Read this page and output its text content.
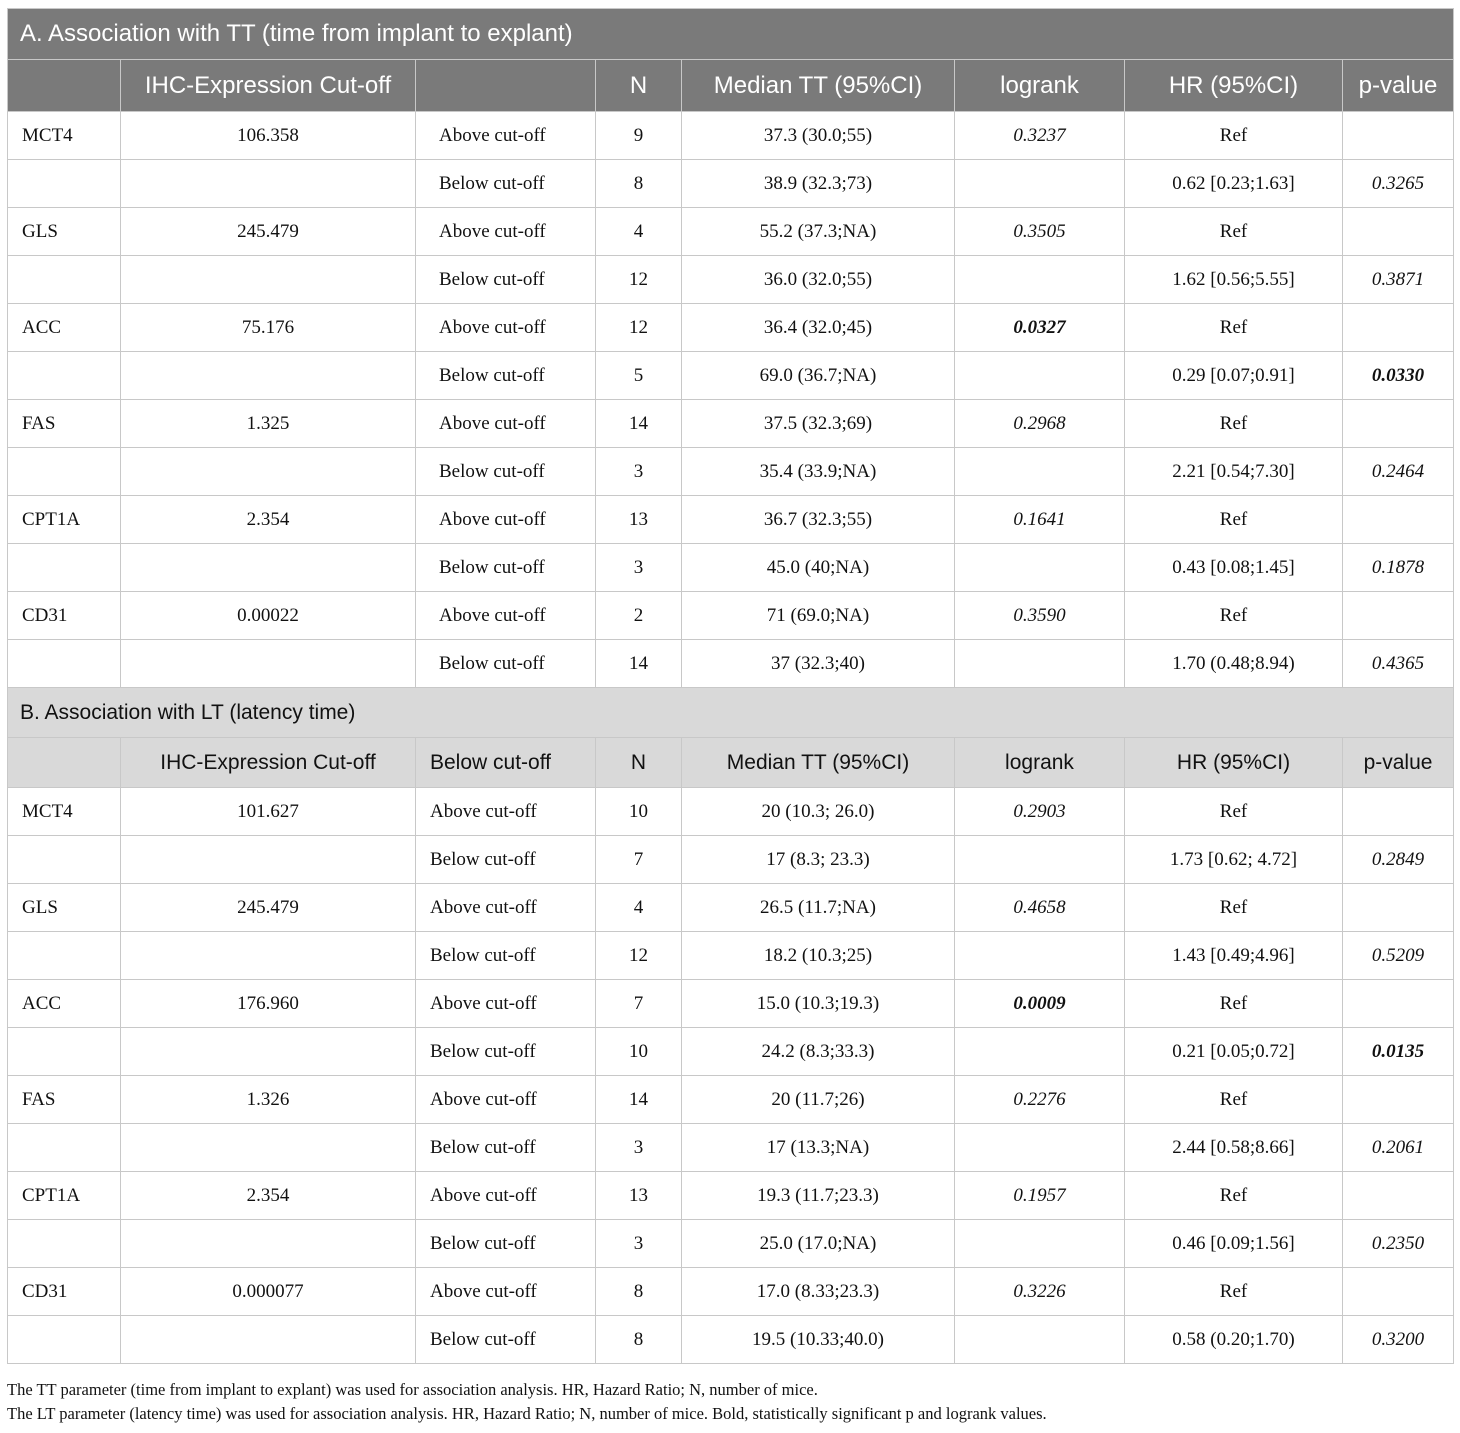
A. Association with TT (time from implant to explant)							
	IHC-Expression Cut-off		N	Median TT (95%CI)	logrank	HR (95%CI)	p-value
MCT4	106.358	Above cut-off	9	37.3 (30.0;55)	0.3237	Ref	
		Below cut-off	8	38.9 (32.3;73)		0.62 [0.23;1.63]	0.3265
GLS	245.479	Above cut-off	4	55.2 (37.3;NA)	0.3505	Ref	
		Below cut-off	12	36.0 (32.0;55)		1.62 [0.56;5.55]	0.3871
ACC	75.176	Above cut-off	12	36.4 (32.0;45)	0.0327	Ref	
		Below cut-off	5	69.0 (36.7;NA)		0.29 [0.07;0.91]	0.0330
FAS	1.325	Above cut-off	14	37.5 (32.3;69)	0.2968	Ref	
		Below cut-off	3	35.4 (33.9;NA)		2.21 [0.54;7.30]	0.2464
CPT1A	2.354	Above cut-off	13	36.7 (32.3;55)	0.1641	Ref	
		Below cut-off	3	45.0 (40;NA)		0.43 [0.08;1.45]	0.1878
CD31	0.00022	Above cut-off	2	71 (69.0;NA)	0.3590	Ref	
		Below cut-off	14	37 (32.3;40)		1.70 (0.48;8.94)	0.4365
B. Association with LT (latency time)							
	IHC-Expression Cut-off	Below cut-off	N	Median TT (95%CI)	logrank	HR (95%CI)	p-value
MCT4	101.627	Above cut-off	10	20 (10.3; 26.0)	0.2903	Ref	
		Below cut-off	7	17 (8.3; 23.3)		1.73 [0.62; 4.72]	0.2849
GLS	245.479	Above cut-off	4	26.5 (11.7;NA)	0.4658	Ref	
		Below cut-off	12	18.2 (10.3;25)		1.43 [0.49;4.96]	0.5209
ACC	176.960	Above cut-off	7	15.0 (10.3;19.3)	0.0009	Ref	
		Below cut-off	10	24.2 (8.3;33.3)		0.21 [0.05;0.72]	0.0135
FAS	1.326	Above cut-off	14	20 (11.7;26)	0.2276	Ref	
		Below cut-off	3	17 (13.3;NA)		2.44 [0.58;8.66]	0.2061
CPT1A	2.354	Above cut-off	13	19.3 (11.7;23.3)	0.1957	Ref	
		Below cut-off	3	25.0 (17.0;NA)		0.46 [0.09;1.56]	0.2350
CD31	0.000077	Above cut-off	8	17.0 (8.33;23.3)	0.3226	Ref	
		Below cut-off	8	19.5 (10.33;40.0)		0.58 (0.20;1.70)	0.3200
The TT parameter (time from implant to explant) was used for association analysis. HR, Hazard Ratio; N, number of mice.
The LT parameter (latency time) was used for association analysis. HR, Hazard Ratio; N, number of mice. Bold, statistically significant p and logrank values.
